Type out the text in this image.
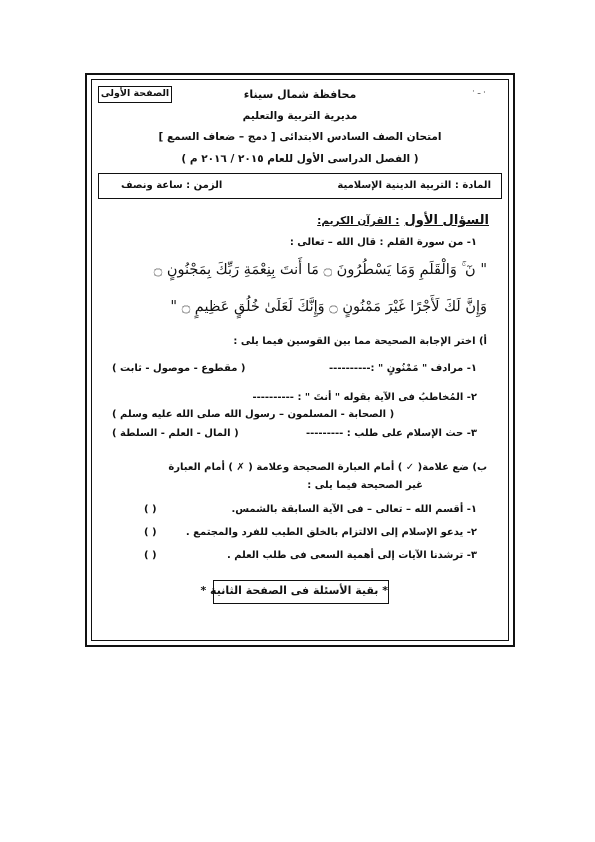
⸳ ـ ·
الصفحة الأولى	محافظة شمال سيناء
مديرية التربية والتعليم
امتحان الصف السادس الابتدائى [ دمج – ضعاف السمع ]
( الفصل الدراسى الأول للعام ٢٠١٥ / ٢٠١٦ م )
المادة : التربية الدينية الإسلامية
الزمن : ساعة ونصف
السؤال الأول : القرآن الكريم:
١- من سورة القلم : قال الله – تعالى :
" نٓ ۚ وَالْقَلَمِ وَمَا يَسْطُرُونَ ۝ مَا أَنتَ بِنِعْمَةِ رَبِّكَ بِمَجْنُونٍ ۝
وَإِنَّ لَكَ لَأَجْرًا غَيْرَ مَمْنُونٍ ۝ وَإِنَّكَ لَعَلَىٰ خُلُقٍ عَظِيمٍ ۝ "
أ) اختر الإجابة الصحيحة مما بين القوسين فيما يلى :
١- مرادف " مَمْنُونٍ " :----------
( مقطوع - موصول - ثابت )
٢- المُخاطبُ فى الآية بقوله " أنتَ " : ----------
( الصحابة - المسلمون – رسول الله صلى الله عليه وسلم )
٣- حث الإسلام على طلب : ---------
( المال - العلم - السلطة )
ب) ضع علامة( ✓ ) أمام العبارة الصحيحة وعلامة ( ✗ ) أمام العبارة
غير الصحيحة فيما يلى :
١- أقسم الله – تعالى – فى الآية السابقة بالشمس.
( )
٢- يدعو الإسلام إلى الالتزام بالخلق الطيب للفرد والمجتمع .
( )
٣- ترشدنا الآيات إلى أهمية السعى فى طلب العلم .
( )
* بقية الأسئلة فى الصفحة الثانية *
